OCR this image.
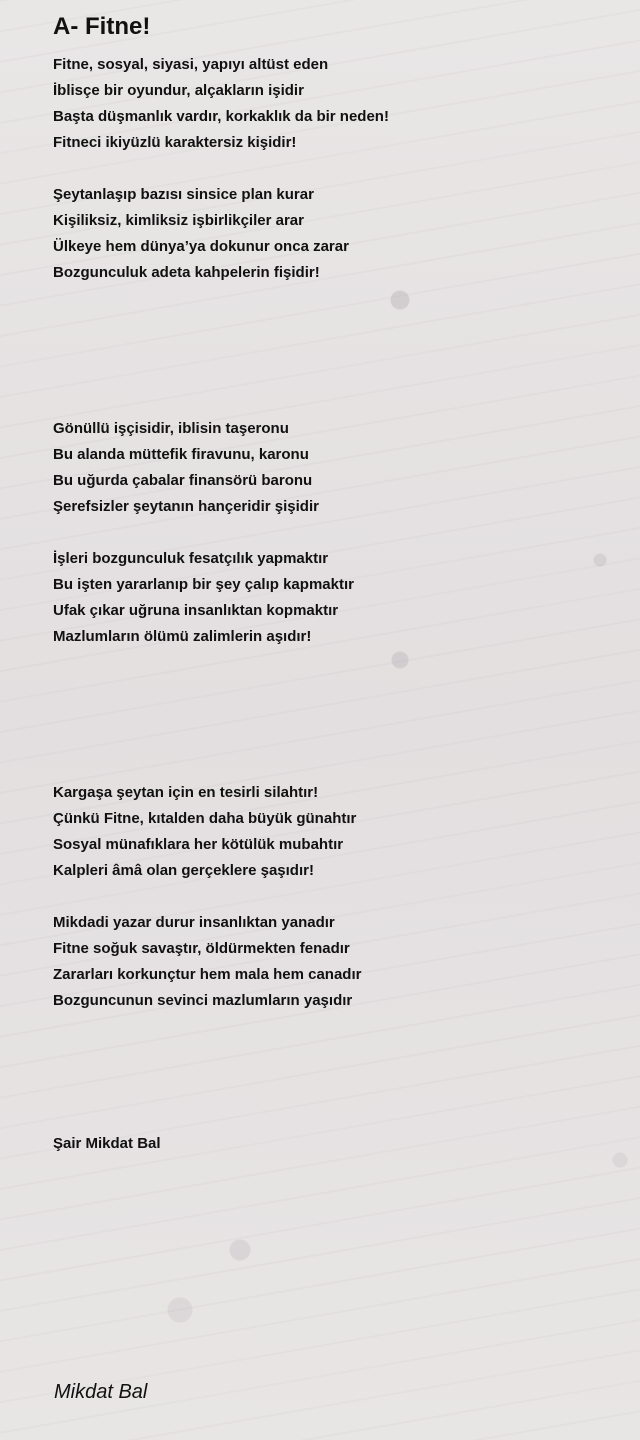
A- Fitne!
Fitne, sosyal, siyasi, yapıyı altüst eden
İblisçe bir oyundur, alçakların işidir
Başta düşmanlık vardır, korkaklık da bir neden!
Fitneci ikiyüzlü karaktersiz kişidir!
Şeytanlaşıp bazısı sinsice plan kurar
Kişiliksiz, kimliksiz işbirlikçiler arar
Ülkeye hem dünya’ya dokunur onca zarar
Bozgunculuk adeta kahpelerin fişidir!
Gönüllü işçisidir, iblisin taşeronu
Bu alanda müttefik firavunu, karonu
Bu uğurda çabalar finansörü baronu
Şerefsizler şeytanın hançeridir şişidir
İşleri bozgunculuk fesatçılık yapmaktır
Bu işten yararlanıp bir şey çalıp kapmaktır
Ufak çıkar uğruna insanlıktan kopmaktır
Mazlumların ölümü zalimlerin aşıdır!
Kargaşa şeytan için en tesirli silahtır!
Çünkü Fitne, kıtalden daha büyük günahtır
Sosyal münafıklara her kötülük mubahtır
Kalpleri âmâ olan gerçeklere şaşıdır!
Mikdadi yazar durur insanlıktan yanadır
Fitne soğuk savaştır, öldürmekten fenadır
Zararları korkunçtur hem mala hem canadır
Bozguncunun sevinci mazlumların yaşıdır
Şair Mikdat Bal
Mikdat Bal
